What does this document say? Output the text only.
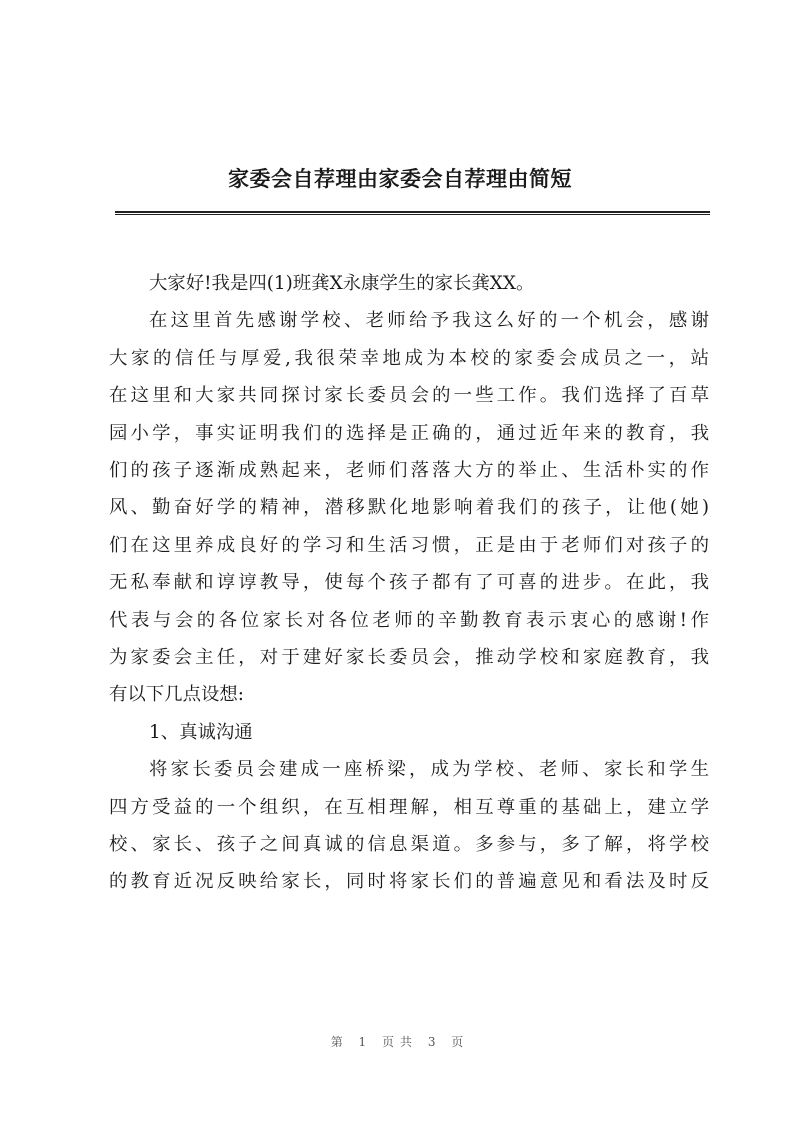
家委会自荐理由家委会自荐理由简短
大家好!我是四(1)班龚X永康学生的家长龚XX。
在这里首先感谢学校、老师给予我这么好的一个机会，感谢
大家的信任与厚爱,我很荣幸地成为本校的家委会成员之一，站
在这里和大家共同探讨家长委员会的一些工作。我们选择了百草
园小学，事实证明我们的选择是正确的，通过近年来的教育，我
们的孩子逐渐成熟起来，老师们落落大方的举止、生活朴实的作
风、勤奋好学的精神，潜移默化地影响着我们的孩子，让他(她)
们在这里养成良好的学习和生活习惯，正是由于老师们对孩子的
无私奉献和谆谆教导，使每个孩子都有了可喜的进步。在此，我
代表与会的各位家长对各位老师的辛勤教育表示衷心的感谢!作
为家委会主任，对于建好家长委员会，推动学校和家庭教育，我
有以下几点设想:
1、真诚沟通
将家长委员会建成一座桥梁，成为学校、老师、家长和学生
四方受益的一个组织，在互相理解，相互尊重的基础上，建立学
校、家长、孩子之间真诚的信息渠道。多参与，多了解，将学校
的教育近况反映给家长，同时将家长们的普遍意见和看法及时反
第 1 页共 3 页
